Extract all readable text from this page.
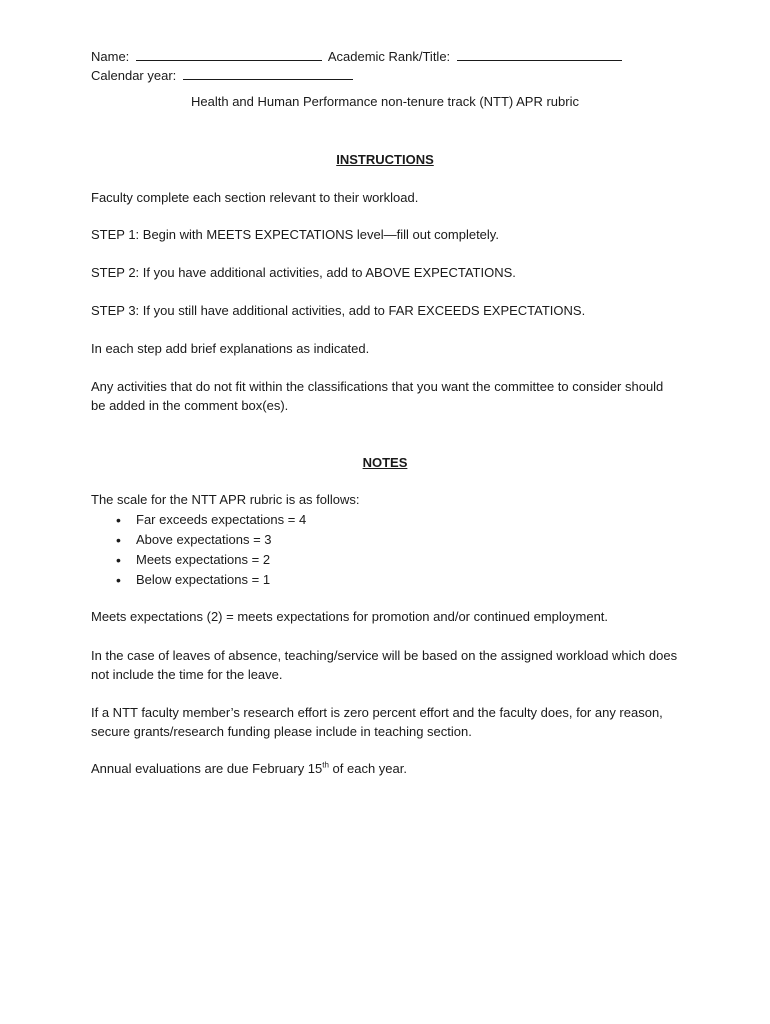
Name:	Academic Rank/Title:
Calendar year:
Health and Human Performance non-tenure track (NTT) APR rubric
INSTRUCTIONS
Faculty complete each section relevant to their workload.
STEP 1: Begin with MEETS EXPECTATIONS level—fill out completely.
STEP 2: If you have additional activities, add to ABOVE EXPECTATIONS.
STEP 3: If you still have additional activities, add to FAR EXCEEDS EXPECTATIONS.
In each step add brief explanations as indicated.
Any activities that do not fit within the classifications that you want the committee to consider should be added in the comment box(es).
NOTES
The scale for the NTT APR rubric is as follows:
• Far exceeds expectations = 4
• Above expectations = 3
• Meets expectations = 2
• Below expectations = 1
Meets expectations (2) = meets expectations for promotion and/or continued employment.
In the case of leaves of absence, teaching/service will be based on the assigned workload which does not include the time for the leave.
If a NTT faculty member’s research effort is zero percent effort and the faculty does, for any reason, secure grants/research funding please include in teaching section.
Annual evaluations are due February 15th of each year.
